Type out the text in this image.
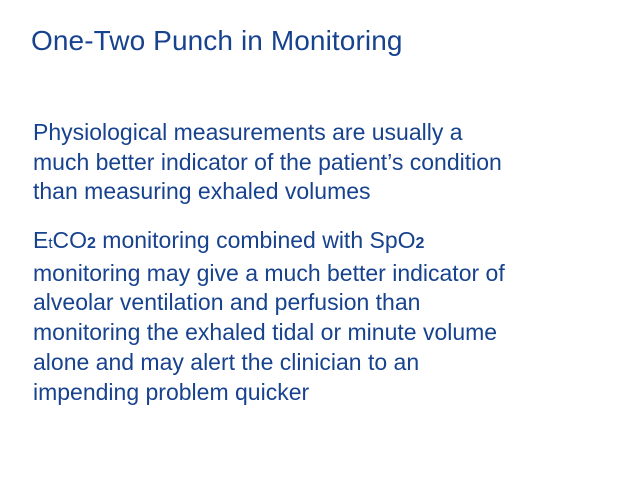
One-Two Punch in Monitoring
Physiological measurements are usually a
much better indicator of the patient’s condition
than measuring exhaled volumes
EtCO2 monitoring combined with SpO2
monitoring may give a much better indicator of
alveolar ventilation and perfusion than
monitoring the exhaled tidal or minute volume
alone and may alert the clinician to an
impending problem quicker
